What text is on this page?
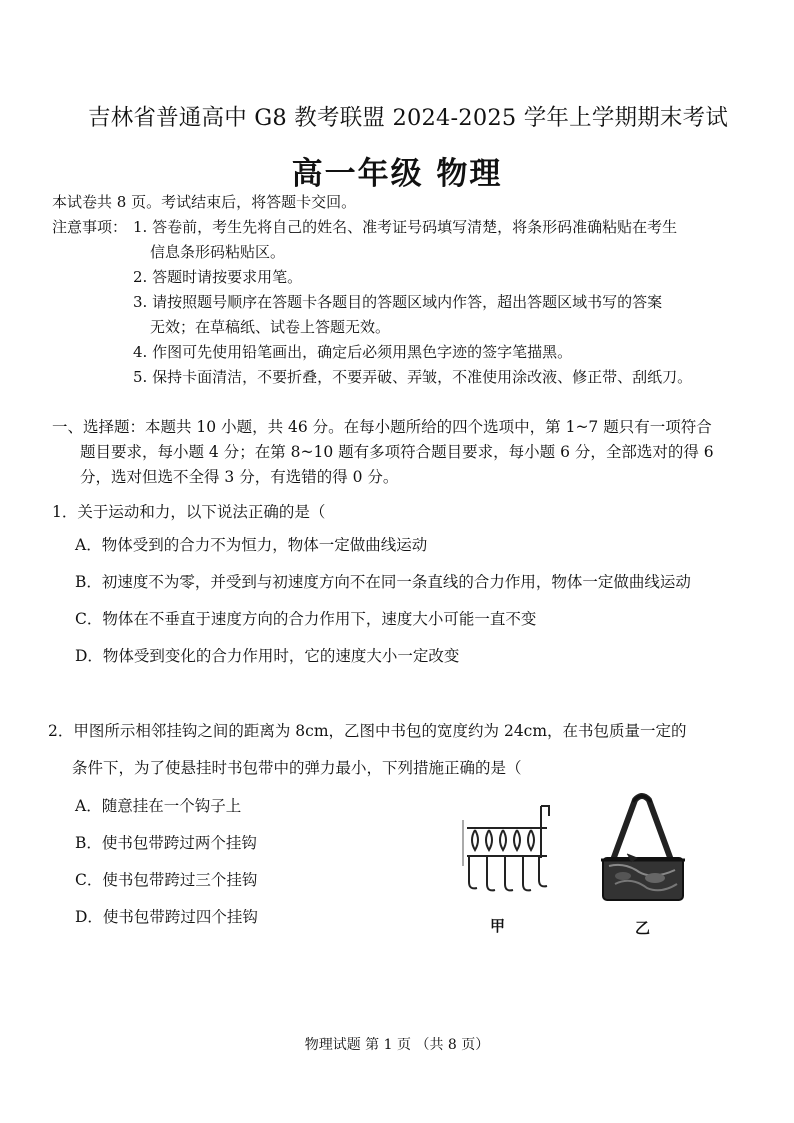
吉林省普通高中 G8 教考联盟 2024-2025 学年上学期期末考试
高一年级 物理
本试卷共 8 页。考试结束后，将答题卡交回。
注意事项： 1. 答卷前，考生先将自己的姓名、准考证号码填写清楚，将条形码准确粘贴在考生
信息条形码粘贴区。
2. 答题时请按要求用笔。
3. 请按照题号顺序在答题卡各题目的答题区域内作答，超出答题区域书写的答案
无效；在草稿纸、试卷上答题无效。
4. 作图可先使用铅笔画出，确定后必须用黑色字迹的签字笔描黑。
5. 保持卡面清洁，不要折叠，不要弄破、弄皱，不准使用涂改液、修正带、刮纸刀。
一、选择题：本题共 10 小题，共 46 分。在每小题所给的四个选项中，第 1~7 题只有一项符合
题目要求，每小题 4 分；在第 8~10 题有多项符合题目要求，每小题 6 分，全部选对的得 6
分，选对但选不全得 3 分，有选错的得 0 分。
1．关于运动和力，以下说法正确的是（
A．物体受到的合力不为恒力，物体一定做曲线运动
B．初速度不为零，并受到与初速度方向不在同一条直线的合力作用，物体一定做曲线运动
C．物体在不垂直于速度方向的合力作用下，速度大小可能一直不变
D．物体受到变化的合力作用时，它的速度大小一定改变
2．甲图所示相邻挂钩之间的距离为 8cm，乙图中书包的宽度约为 24cm，在书包质量一定的
条件下，为了使悬挂时书包带中的弹力最小，下列措施正确的是（
A．随意挂在一个钩子上
B．使书包带跨过两个挂钩
C．使书包带跨过三个挂钩
D．使书包带跨过四个挂钩	甲	乙
物理试题 第 1 页 （共 8 页）
